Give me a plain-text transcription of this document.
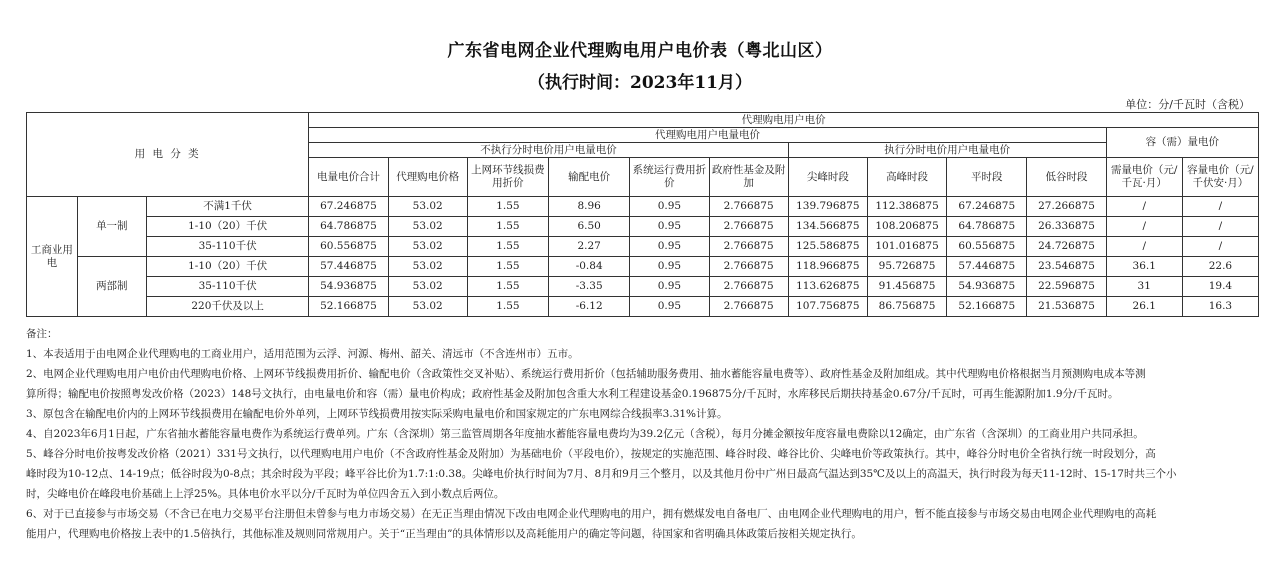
广东省电网企业代理购电用户电价表（粤北山区）
（执行时间：2023年11月）
单位：分/千瓦时（含税）
用 电 分 类			代理购电用户电价											
			代理购电用户电量电价										容（需）量电价	
			不执行分时电价用户电量电价						执行分时电价用户电量电价					
			电量电价合计	代理购电价格	上网环节线损费用折价	输配电价	系统运行费用折价	政府性基金及附加	尖峰时段	高峰时段	平时段	低谷时段	需量电价（元/千瓦·月）	容量电价（元/千伏安·月）
工商业用电	单一制	不满1千伏	67.246875	53.02	1.55	8.96	0.95	2.766875	139.796875	112.386875	67.246875	27.266875	/	/
		1-10（20）千伏	64.786875	53.02	1.55	6.50	0.95	2.766875	134.566875	108.206875	64.786875	26.336875	/	/
		35-110千伏	60.556875	53.02	1.55	2.27	0.95	2.766875	125.586875	101.016875	60.556875	24.726875	/	/
	两部制	1-10（20）千伏	57.446875	53.02	1.55	-0.84	0.95	2.766875	118.966875	95.726875	57.446875	23.546875	36.1	22.6
		35-110千伏	54.936875	53.02	1.55	-3.35	0.95	2.766875	113.626875	91.456875	54.936875	22.596875	31	19.4
		220千伏及以上	52.166875	53.02	1.55	-6.12	0.95	2.766875	107.756875	86.756875	52.166875	21.536875	26.1	16.3

备注：

1、本表适用于由电网企业代理购电的工商业用户，适用范围为云浮、河源、梅州、韶关、清远市（不含连州市）五市。

2、电网企业代理购电用户电价由代理购电价格、上网环节线损费用折价、输配电价（含政策性交叉补贴）、系统运行费用折价（包括辅助服务费用、抽水蓄能容量电费等）、政府性基金及附加组成。其中代理购电价格根据当月预测购电成本等测

算所得；输配电价按照粤发改价格（2023）148号文执行，由电量电价和容（需）量电价构成；政府性基金及附加包含重大水利工程建设基金0.196875分/千瓦时，水库移民后期扶持基金0.67分/千瓦时，可再生能源附加1.9分/千瓦时。

3、原包含在输配电价内的上网环节线损费用在输配电价外单列，上网环节线损费用按实际采购电量电价和国家规定的广东电网综合线损率3.31%计算。

4、自2023年6月1日起，广东省抽水蓄能容量电费作为系统运行费单列。广东（含深圳）第三监管周期各年度抽水蓄能容量电费均为39.2亿元（含税），每月分摊金额按年度容量电费除以12确定，由广东省（含深圳）的工商业用户共同承担。

5、峰谷分时电价按粤发改价格（2021）331号文执行，以代理购电用户电价（不含政府性基金及附加）为基础电价（平段电价），按规定的实施范围、峰谷时段、峰谷比价、尖峰电价等政策执行。其中，峰谷分时电价全省执行统一时段划分，高

峰时段为10-12点、14-19点；低谷时段为0-8点；其余时段为平段；峰平谷比价为1.7:1:0.38。尖峰电价执行时间为7月、8月和9月三个整月，以及其他月份中广州日最高气温达到35℃及以上的高温天，执行时段为每天11-12时、15-17时共三个小

时，尖峰电价在峰段电价基础上上浮25%。具体电价水平以分/千瓦时为单位四舍五入到小数点后两位。

6、对于已直接参与市场交易（不含已在电力交易平台注册但未曾参与电力市场交易）在无正当理由情况下改由电网企业代理购电的用户，拥有燃煤发电自备电厂、由电网企业代理购电的用户，暂不能直接参与市场交易由电网企业代理购电的高耗

能用户，代理购电价格按上表中的1.5倍执行，其他标准及规则同常规用户。关于“正当理由”的具体情形以及高耗能用户的确定等问题，待国家和省明确具体政策后按相关规定执行。
